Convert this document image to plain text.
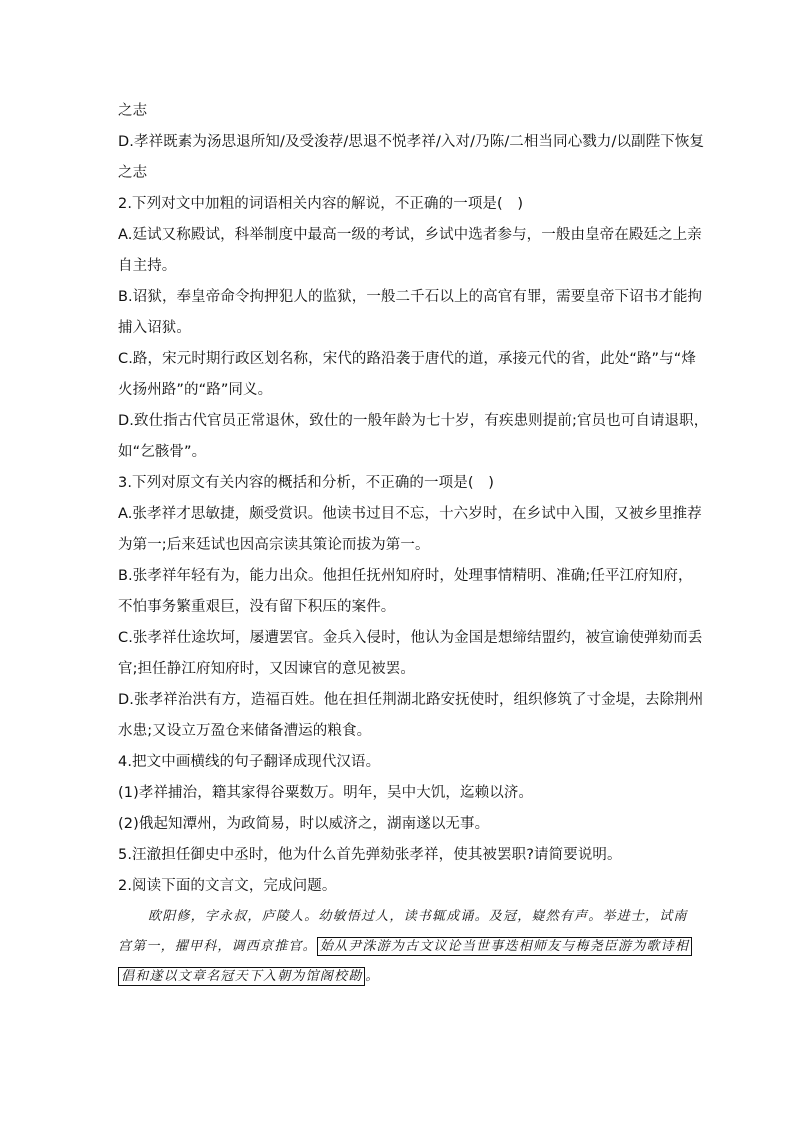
之志
D.孝祥既素为汤思退所知/及受浚荐/思退不悦孝祥/入对/乃陈/二相当同心戮力/以副陛下恢复
之志
2.下列对文中加粗的词语相关内容的解说，不正确的一项是(　)
A.廷试又称殿试，科举制度中最高一级的考试，乡试中选者参与，一般由皇帝在殿廷之上亲
自主持。
B.诏狱，奉皇帝命令拘押犯人的监狱，一般二千石以上的高官有罪，需要皇帝下诏书才能拘
捕入诏狱。
C.路，宋元时期行政区划名称，宋代的路沿袭于唐代的道，承接元代的省，此处“路”与“烽
火扬州路”的“路”同义。
D.致仕指古代官员正常退休，致仕的一般年龄为七十岁，有疾患则提前;官员也可自请退职，
如“乞骸骨”。
3.下列对原文有关内容的概括和分析，不正确的一项是(　)
A.张孝祥才思敏捷，颇受赏识。他读书过目不忘，十六岁时，在乡试中入围，又被乡里推荐
为第一;后来廷试也因高宗读其策论而拔为第一。
B.张孝祥年轻有为，能力出众。他担任抚州知府时，处理事情精明、准确;任平江府知府，
不怕事务繁重艰巨，没有留下积压的案件。
C.张孝祥仕途坎坷，屡遭罢官。金兵入侵时，他认为金国是想缔结盟约，被宣谕使弹劾而丢
官;担任静江府知府时，又因谏官的意见被罢。
D.张孝祥治洪有方，造福百姓。他在担任荆湖北路安抚使时，组织修筑了寸金堤，去除荆州
水患;又设立万盈仓来储备漕运的粮食。
4.把文中画横线的句子翻译成现代汉语。
(1)孝祥捕治，籍其家得谷粟数万。明年，吴中大饥，迄赖以济。
(2)俄起知潭州，为政简易，时以威济之，湖南遂以无事。
5.汪澈担任御史中丞时，他为什么首先弹劾张孝祥，使其被罢职?请简要说明。
2.阅读下面的文言文，完成问题。
欧阳修，字永叔，庐陵人。幼敏悟过人，读书辄成诵。及冠，嶷然有声。举进士，试南
宫第一，擢甲科，调西京推官。 始从尹洙游为古文议论当世事迭相师友与梅尧臣游为歌诗相
倡和遂以文章名冠天下入朝为馆阁校勘 。
